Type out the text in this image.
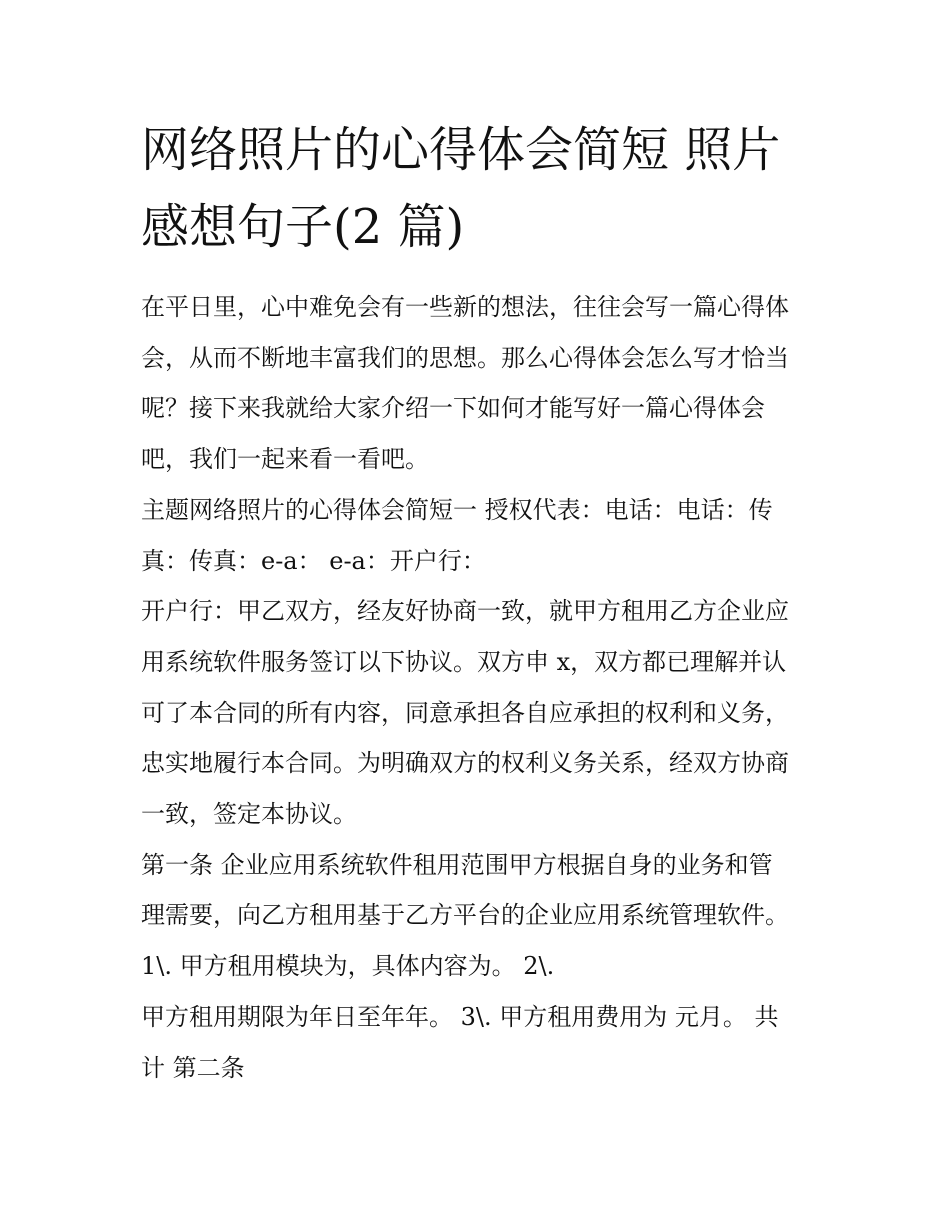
网络照片的心得体会简短 照片
感想句子(2 篇)

在平日里，心中难免会有一些新的想法，往往会写一篇心得体
会，从而不断地丰富我们的思想。那么心得体会怎么写才恰当
呢？接下来我就给大家介绍一下如何才能写好一篇心得体会
吧，我们一起来看一看吧。

主题网络照片的心得体会简短一 授权代表：电话：电话：传
真：传真：e-a： e-a：开户行：

开户行：甲乙双方，经友好协商一致，就甲方租用乙方企业应
用系统软件服务签订以下协议。双方申 x，双方都已理解并认
可了本合同的所有内容，同意承担各自应承担的权利和义务，
忠实地履行本合同。为明确双方的权利义务关系，经双方协商
一致，签定本协议。

第一条 企业应用系统软件租用范围甲方根据自身的业务和管
理需要，向乙方租用基于乙方平台的企业应用系统管理软件。
1\. 甲方租用模块为，具体内容为。 2\.

甲方租用期限为年日至年年。 3\. 甲方租用费用为 元月。 共
计 第二条
